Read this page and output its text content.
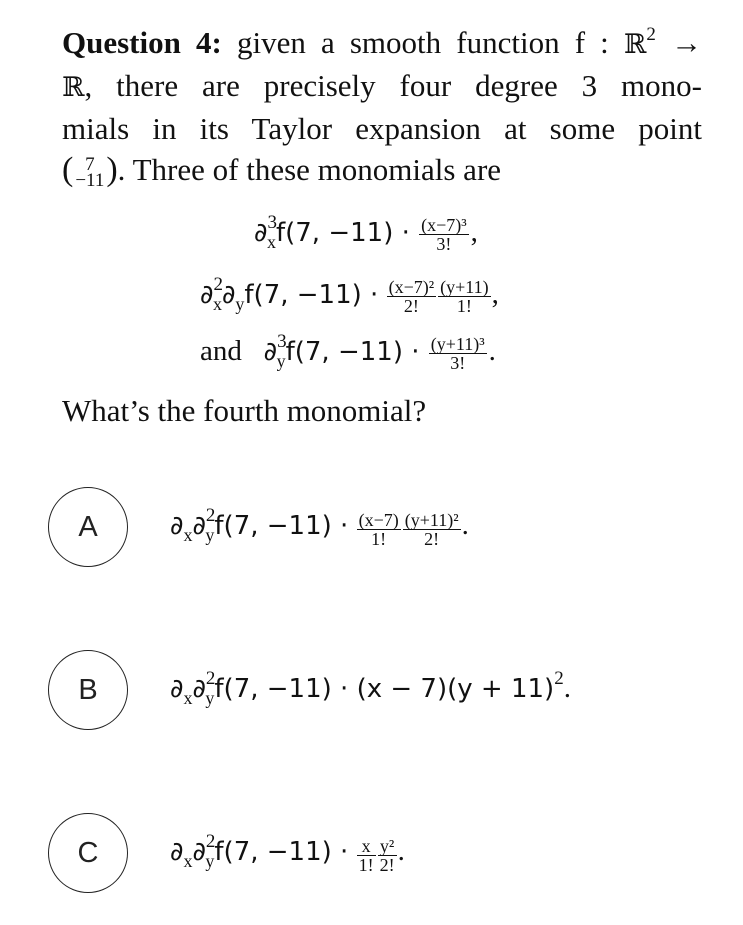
Question 4: given a smooth function f : ℝ$^2$ →
ℝ, there are precisely four degree 3 mono-
mials in its Taylor expansion at some point
( 7
−11 ). Three of these monomials are
∂$^3_x$f(7, $-11) \cdot \frac{\text{(x−7)³}}{3!}$ ,
$\partial^2_x\partial_yf(7$, $-11) \cdot \frac{\text{(x−7)²}}{2!} \frac{(y+11)}{1!}$ ,
and ∂$^3_y$f(7, $-11) \cdot \frac{\text{(y+11)³}}{3!}$ .
What’s the fourth monomial?
A	$\partial_x\partial^2_yf(7$, $-11) \cdot \frac{(x-7)}{1!} \frac{\text{(y+11)²}}{2!}$ .
B	$\partial_x\partial^2_yf(7$, $-11) \cdot (x - 7)(y + 11)^2$.
C	$\partial_x\partial^2_yf(7$, $-11) \cdot \frac{x}{1!} \frac{\text{y²}}{2!}$ .
